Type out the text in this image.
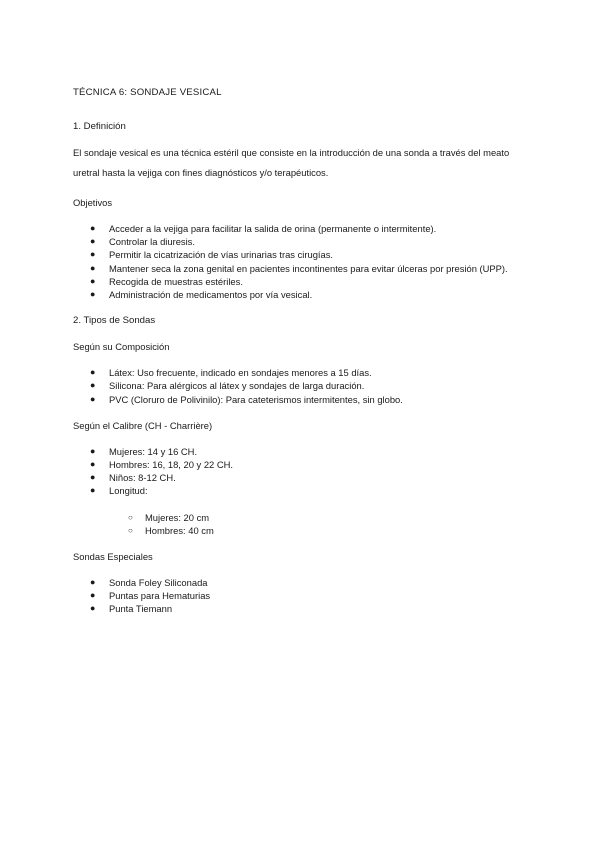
TÉCNICA 6: SONDAJE VESICAL
1. Definición

El sondaje vesical es una técnica estéril que consiste en la introducción de una sonda a través del meato uretral hasta la vejiga con fines diagnósticos y/o terapéuticos.

Objetivos
● Acceder a la vejiga para facilitar la salida de orina (permanente o intermitente).
● Controlar la diuresis.
● Permitir la cicatrización de vías urinarias tras cirugías.
● Mantener seca la zona genital en pacientes incontinentes para evitar úlceras por presión (UPP).
● Recogida de muestras estériles.
● Administración de medicamentos por vía vesical.
2. Tipos de Sondas
Según su Composición
● Látex: Uso frecuente, indicado en sondajes menores a 15 días.
● Silicona: Para alérgicos al látex y sondajes de larga duración.
● PVC (Cloruro de Polivinilo): Para cateterismos intermitentes, sin globo.
Según el Calibre (CH - Charrière)
● Mujeres: 14 y 16 CH.
● Hombres: 16, 18, 20 y 22 CH.
● Niños: 8-12 CH.
● Longitud:
○ Mujeres: 20 cm
○ Hombres: 40 cm
Sondas Especiales
● Sonda Foley Siliconada
● Puntas para Hematurias
● Punta Tiemann
